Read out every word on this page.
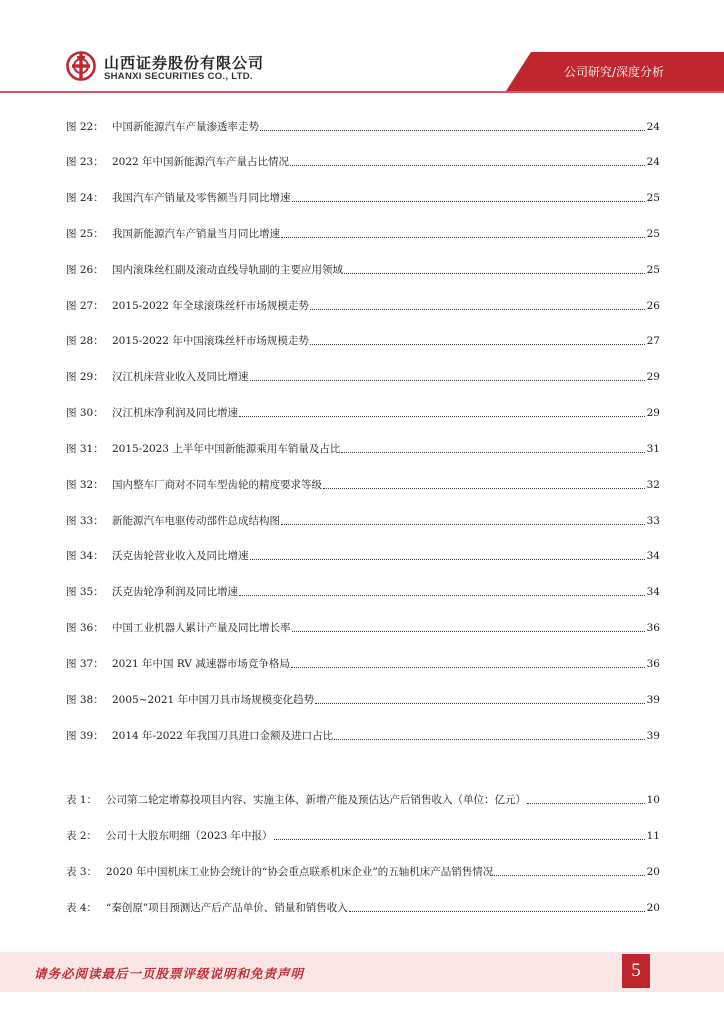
山西证券股份有限公司
SHANXI SECURITIES CO., LTD.	公司研究/深度分析
图 22： 中国新能源汽车产量渗透率走势	24
图 23： 2022 年中国新能源汽车产量占比情况	24
图 24： 我国汽车产销量及零售额当月同比增速	25
图 25： 我国新能源汽车产销量当月同比增速	25
图 26： 国内滚珠丝杠副及滚动直线导轨副的主要应用领域	25
图 27： 2015-2022 年全球滚珠丝杆市场规模走势	26
图 28： 2015-2022 年中国滚珠丝杆市场规模走势	27
图 29： 汉江机床营业收入及同比增速	29
图 30： 汉江机床净利润及同比增速	29
图 31： 2015-2023 上半年中国新能源乘用车销量及占比	31
图 32： 国内整车厂商对不同车型齿轮的精度要求等级	32
图 33： 新能源汽车电驱传动部件总成结构图	33
图 34： 沃克齿轮营业收入及同比增速	34
图 35： 沃克齿轮净利润及同比增速	34
图 36： 中国工业机器人累计产量及同比增长率	36
图 37： 2021 年中国 RV 减速器市场竞争格局	36
图 38： 2005~2021 年中国刀具市场规模变化趋势	39
图 39： 2014 年-2022 年我国刀具进口金额及进口占比	39
表 1： 公司第二轮定增募投项目内容、实施主体、新增产能及预估达产后销售收入（单位：亿元）	10
表 2： 公司十大股东明细（2023 年中报）	11
表 3： 2020 年中国机床工业协会统计的“协会重点联系机床企业”的五轴机床产品销售情况	20
表 4： “秦创原”项目预测达产后产品单价、销量和销售收入	20
请务必阅读最后一页股票评级说明和免责声明	5
